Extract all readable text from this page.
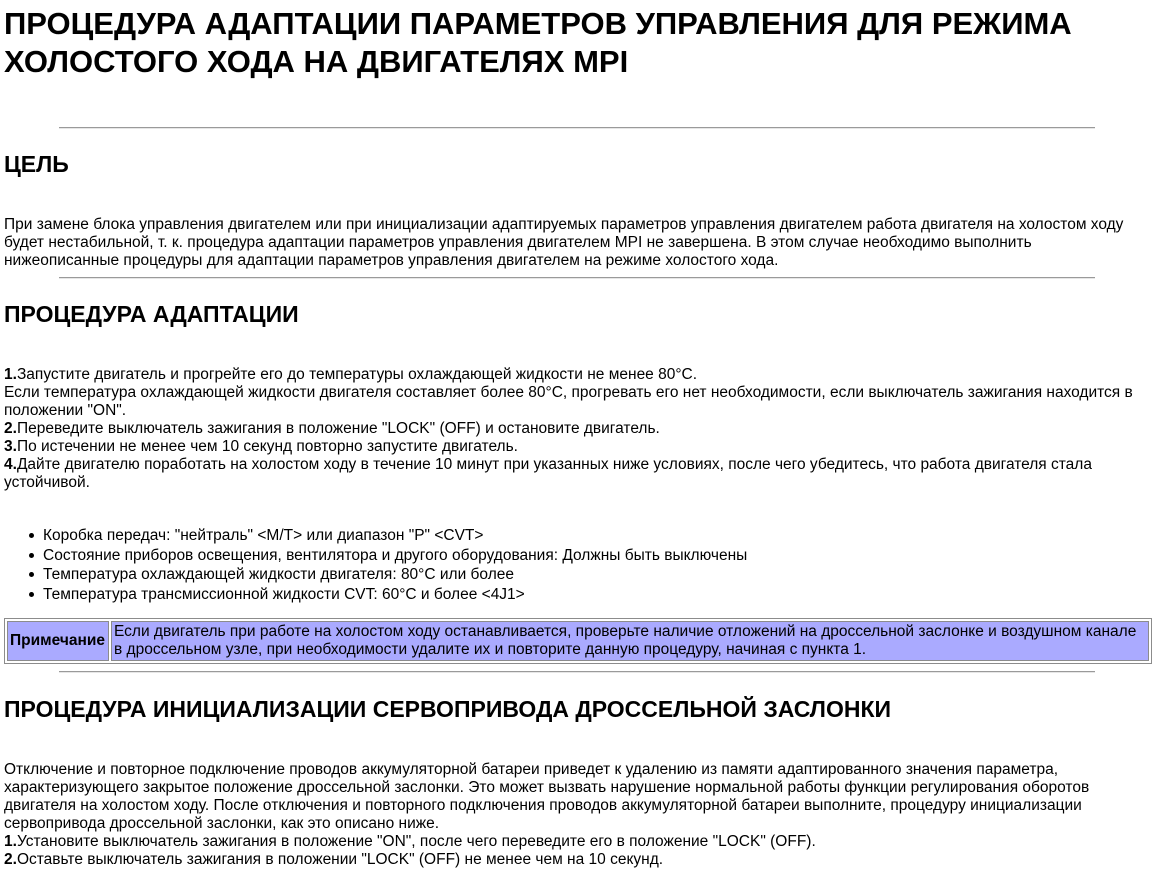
ПРОЦЕДУРА АДАПТАЦИИ ПАРАМЕТРОВ УПРАВЛЕНИЯ ДЛЯ РЕЖИМА ХОЛОСТОГО ХОДА НА ДВИГАТЕЛЯХ MPI
ЦЕЛЬ

При замене блока управления двигателем или при инициализации адаптируемых параметров управления двигателем работа двигателя на холостом ходу будет нестабильной, т. к. процедура адаптации параметров управления двигателем MPI не завершена. В этом случае необходимо выполнить нижеописанные процедуры для адаптации параметров управления двигателем на режиме холостого хода.

ПРОЦЕДУРА АДАПТАЦИИ
1.Запустите двигатель и прогрейте его до температуры охлаждающей жидкости не менее 80°C.
Если температура охлаждающей жидкости двигателя составляет более 80°C, прогревать его нет необходимости, если выключатель зажигания находится в положении "ON".
2.Переведите выключатель зажигания в положение "LOCK" (OFF) и остановите двигатель.
3.По истечении не менее чем 10 секунд повторно запустите двигатель.
4.Дайте двигателю поработать на холостом ходу в течение 10 минут при указанных ниже условиях, после чего убедитесь, что работа двигателя стала устойчивой.
Коробка передач: "нейтраль" <M/T> или диапазон "P" <CVT>
Состояние приборов освещения, вентилятора и другого оборудования: Должны быть выключены
Температура охлаждающей жидкости двигателя: 80°C или более
Температура трансмиссионной жидкости CVT: 60°C и более <4J1>
Примечание	Если двигатель при работе на холостом ходу останавливается, проверьте наличие отложений на дроссельной заслонке и воздушном канале в дроссельном узле, при необходимости удалите их и повторите данную процедуру, начиная с пункта 1.
ПРОЦЕДУРА ИНИЦИАЛИЗАЦИИ СЕРВОПРИВОДА ДРОССЕЛЬНОЙ ЗАСЛОНКИ

Отключение и повторное подключение проводов аккумуляторной батареи приведет к удалению из памяти адаптированного значения параметра, характеризующего закрытое положение дроссельной заслонки. Это может вызвать нарушение нормальной работы функции регулирования оборотов двигателя на холостом ходу. После отключения и повторного подключения проводов аккумуляторной батареи выполните, процедуру инициализации сервопривода дроссельной заслонки, как это описано ниже.

1.Установите выключатель зажигания в положение "ON", после чего переведите его в положение "LOCK" (OFF).
2.Оставьте выключатель зажигания в положении "LOCK" (OFF) не менее чем на 10 секунд.
